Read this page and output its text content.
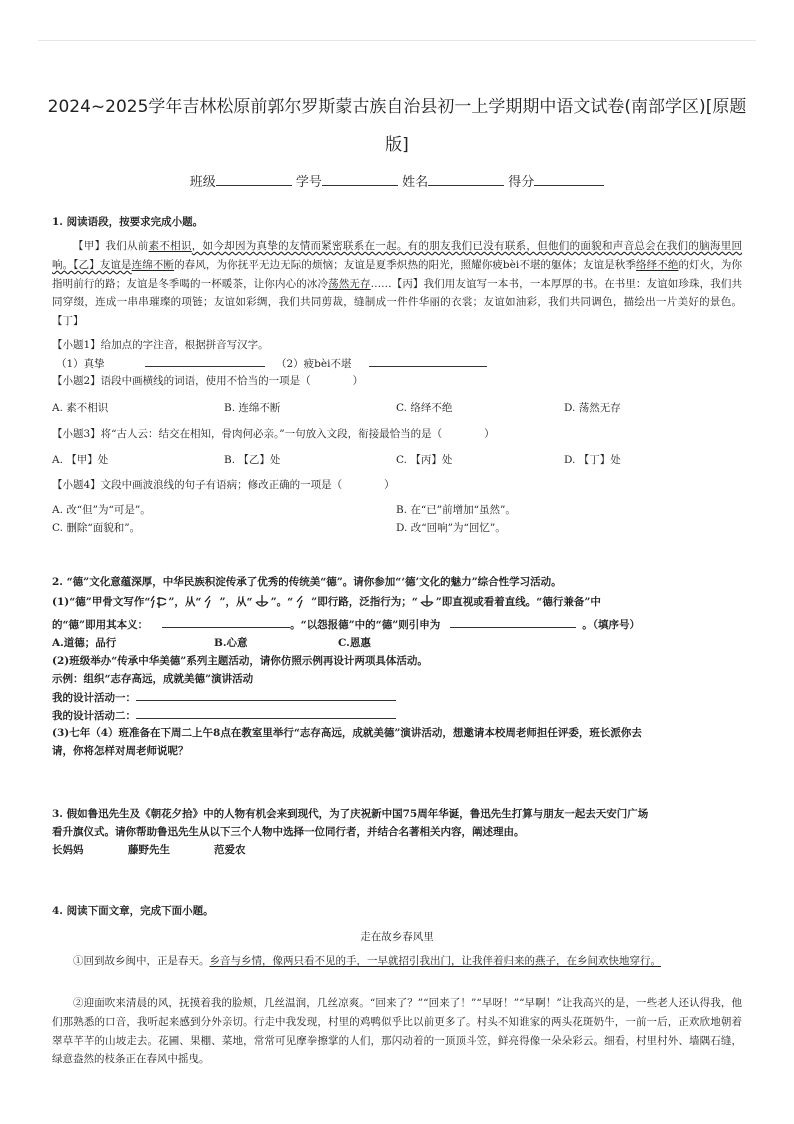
2024~2025学年吉林松原前郭尔罗斯蒙古族自治县初一上学期期中语文试卷(南部学区)[原题版]
班级	学号	姓名	得分
1. 阅读语段，按要求完成小题。
【甲】我们从前素不相识，如今却因为真挚的友情而紧密联系在一起。有的朋友我们已没有联系，但他们的面貌和声音总会在我们的脑海里回响。【乙】友谊是连绵不断的春风，为你抚平无边无际的烦恼；友谊是夏季炽热的阳光，照耀你疲bèi不堪的躯体；友谊是秋季络绎不绝的灯火，为你指明前行的路；友谊是冬季喝的一杯暖茶，让你内心的冰冷荡然无存……【丙】我们用友谊写一本书，一本厚厚的书。在书里：友谊如珍珠，我们共同穿缀，连成一串串璀璨的项链；友谊如彩绸，我们共同剪裁，缝制成一件件华丽的衣裳；友谊如油彩，我们共同调色，描绘出一片美好的景色。【丁】
【小题1】给加点的字注音，根据拼音写汉字。
（1）真挚	（2）疲bèi不堪
【小题2】语段中画横线的词语，使用不恰当的一项是（　　　　）
A. 素不相识	B. 连绵不断	C. 络绎不绝	D. 荡然无存
【小题3】将“古人云：结交在相知，骨肉何必亲。”一句放入文段，衔接最恰当的是（　　　　）
A. 【甲】处	B. 【乙】处	C. 【丙】处	D. 【丁】处
【小题4】文段中画波浪线的句子有语病；修改正确的一项是（　　　　）
A. 改“但”为“可是”。	B. 在“已”前增加“虽然”。
C. 删除“面貌和”。	D. 改“回响”为“回忆”。
2. “德”文化意蕴深厚，中华民族积淀传承了优秀的传统美“德”。请你参加“‘德’文化的魅力”综合性学习活动。
(1)“德”甲骨文写作“ ”，从“ ”，从“ ”。“ ”即行路，泛指行为；“ ”即直视或看着直线。“德行兼备”中
的“德”即用其本义：	。“以怨报德”中的“德”则引申为	。（填序号）
A.道德；品行	B.心意	C.恩惠
(2)班级举办“传承中华美德”系列主题活动，请你仿照示例再设计两项具体活动。
示例：组织“志存高远，成就美德”演讲活动
我的设计活动一：
我的设计活动二：
(3)七年（4）班准备在下周二上午8点在教室里举行“志存高远，成就美德”演讲活动，想邀请本校周老师担任评委，班长派你去
请，你将怎样对周老师说呢？
3. 假如鲁迅先生及《朝花夕拾》中的人物有机会来到现代，为了庆祝新中国75周年华诞，鲁迅先生打算与朋友一起去天安门广场
看升旗仪式。请你帮助鲁迅先生从以下三个人物中选择一位同行者，并结合名著相关内容，阐述理由。
长妈妈	藤野先生	范爱农
4. 阅读下面文章，完成下面小题。
走在故乡春风里
①回到故乡闽中，正是春天。乡音与乡情，像两只看不见的手，一早就招引我出门，让我伴着归来的燕子，在乡间欢快地穿行。
②迎面吹来清晨的风，抚摸着我的脸颊，几丝温润，几丝凉爽。“回来了？”“回来了！”“早呀！”“早啊！”让我高兴的是，一些老人还认得我，他们那熟悉的口音，我听起来感到分外亲切。行走中我发现，村里的鸡鸭似乎比以前更多了。村头不知谁家的两头花斑奶牛，一前一后，正欢欣地朝着翠草芊芊的山坡走去。花圃、果棚、菜地，常常可见摩拳擦掌的人们，那闪动着的一顶顶斗笠，鲜亮得像一朵朵彩云。细看，村里村外、墙隅石缝，绿意盎然的枝条正在春风中摇曳。
